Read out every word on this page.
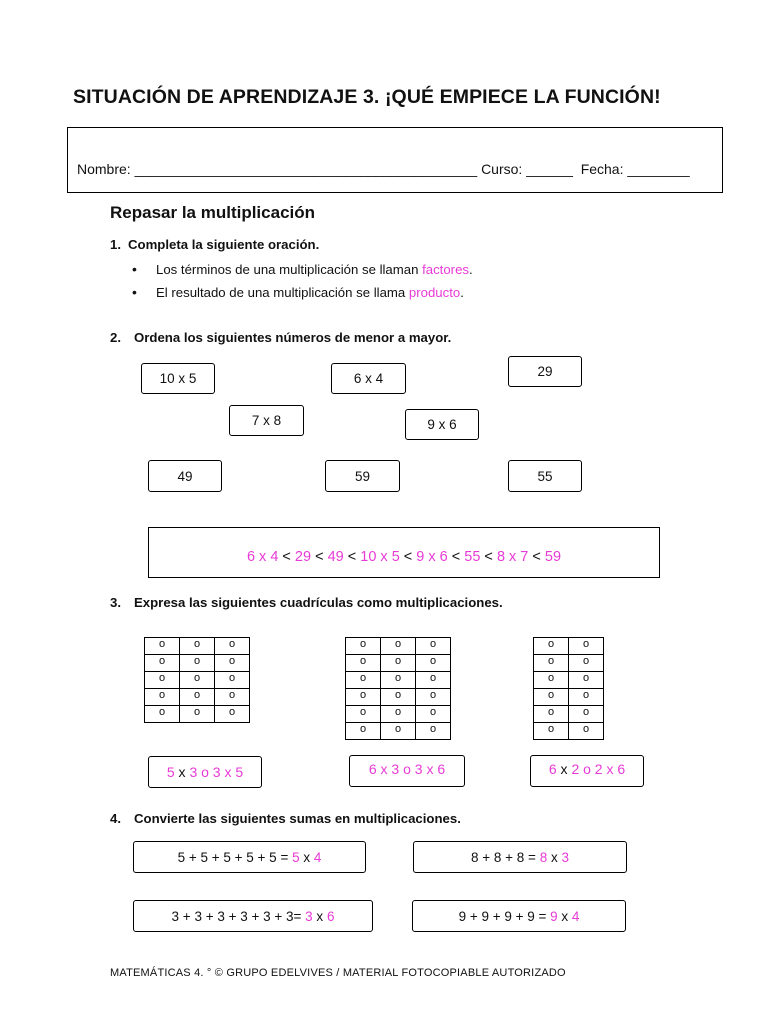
SITUACIÓN DE APRENDIZAJE 3. ¡QUÉ EMPIECE LA FUNCIÓN!
Nombre: ____________________________________________ Curso: ______ Fecha: ________
Repasar la multiplicación
1. Completa la siguiente oración.
• Los términos de una multiplicación se llaman factores.
• El resultado de una multiplicación se llama producto.
2. Ordena los siguientes números de menor a mayor.
10 x 5	6 x 4	29
7 x 8	9 x 6
49	59	55
6 x 4 < 29 < 49 < 10 x 5 < 9 x 6 < 55 < 8 x 7 < 59
3. Expresa las siguientes cuadrículas como multiplicaciones.
o	o	o
o	o	o
o	o	o
o	o	o
o	o	o
o	o	o
o	o	o
o	o	o
o	o	o
o	o	o
o	o	o
o	o
o	o
o	o
o	o
o	o
o	o
5 x 3 o 3 x 5	6 x 3 o 3 x 6	6 x 2 o 2 x 6
4. Convierte las siguientes sumas en multiplicaciones.
5 + 5 + 5 + 5 + 5 = 5 x 4	8 + 8 + 8 = 8 x 3
3 + 3 + 3 + 3 + 3 + 3= 3 x 6	9 + 9 + 9 + 9 = 9 x 4
MATEMÁTICAS 4. ° © GRUPO EDELVIVES / MATERIAL FOTOCOPIABLE AUTORIZADO
